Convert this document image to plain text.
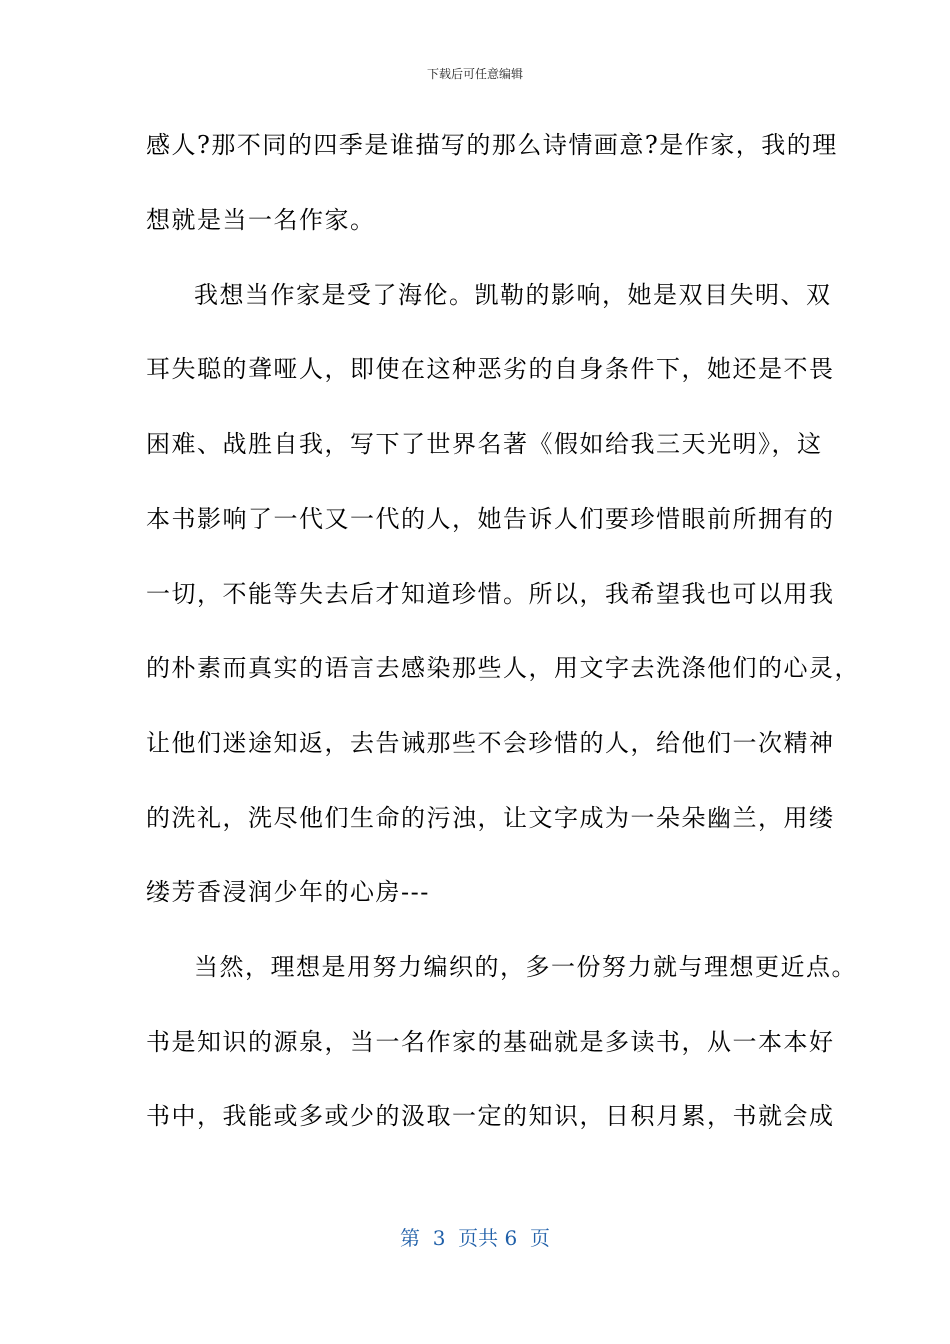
下载后可任意编辑
感人?那不同的四季是谁描写的那么诗情画意?是作家，我的理
想就是当一名作家。
我想当作家是受了海伦。凯勒的影响，她是双目失明、双
耳失聪的聋哑人，即使在这种恶劣的自身条件下，她还是不畏
困难、战胜自我，写下了世界名著《假如给我三天光明》，这
本书影响了一代又一代的人，她告诉人们要珍惜眼前所拥有的
一切，不能等失去后才知道珍惜。所以，我希望我也可以用我
的朴素而真实的语言去感染那些人，用文字去洗涤他们的心灵，
让他们迷途知返，去告诫那些不会珍惜的人，给他们一次精神
的洗礼，洗尽他们生命的污浊，让文字成为一朵朵幽兰，用缕
缕芳香浸润少年的心房---
当然，理想是用努力编织的，多一份努力就与理想更近点。
书是知识的源泉，当一名作家的基础就是多读书，从一本本好
书中，我能或多或少的汲取一定的知识，日积月累，书就会成
第  3  页共 6  页
